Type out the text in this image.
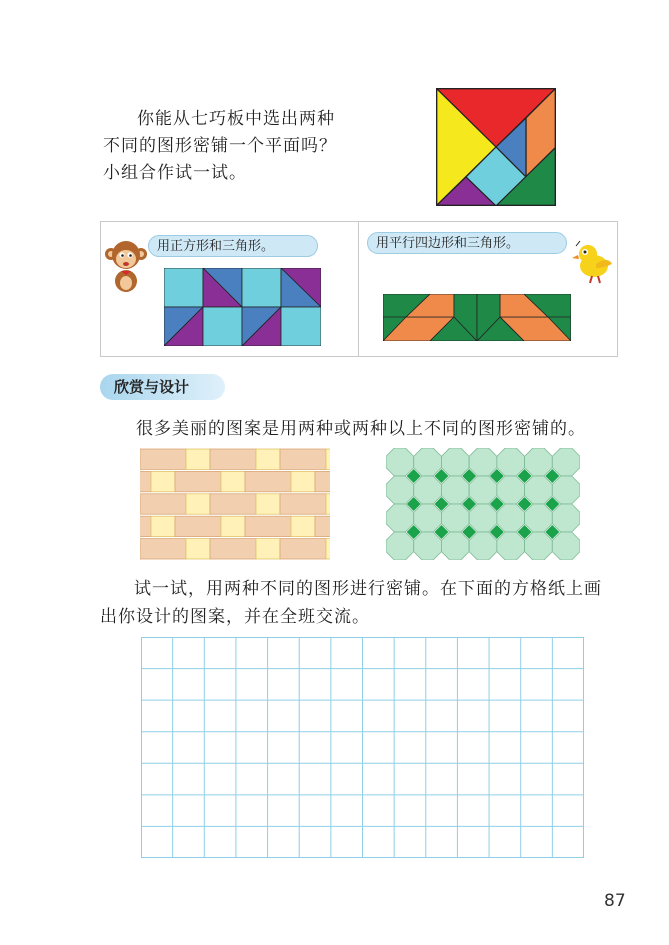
你能从七巧板中选出两种
不同的图形密铺一个平面吗？
小组合作试一试。
用正方形和三角形。	用平行四边形和三角形。
欣赏与设计
很多美丽的图案是用两种或两种以上不同的图形密铺的。
试一试，用两种不同的图形进行密铺。在下面的方格纸上画
出你设计的图案，并在全班交流。
87
